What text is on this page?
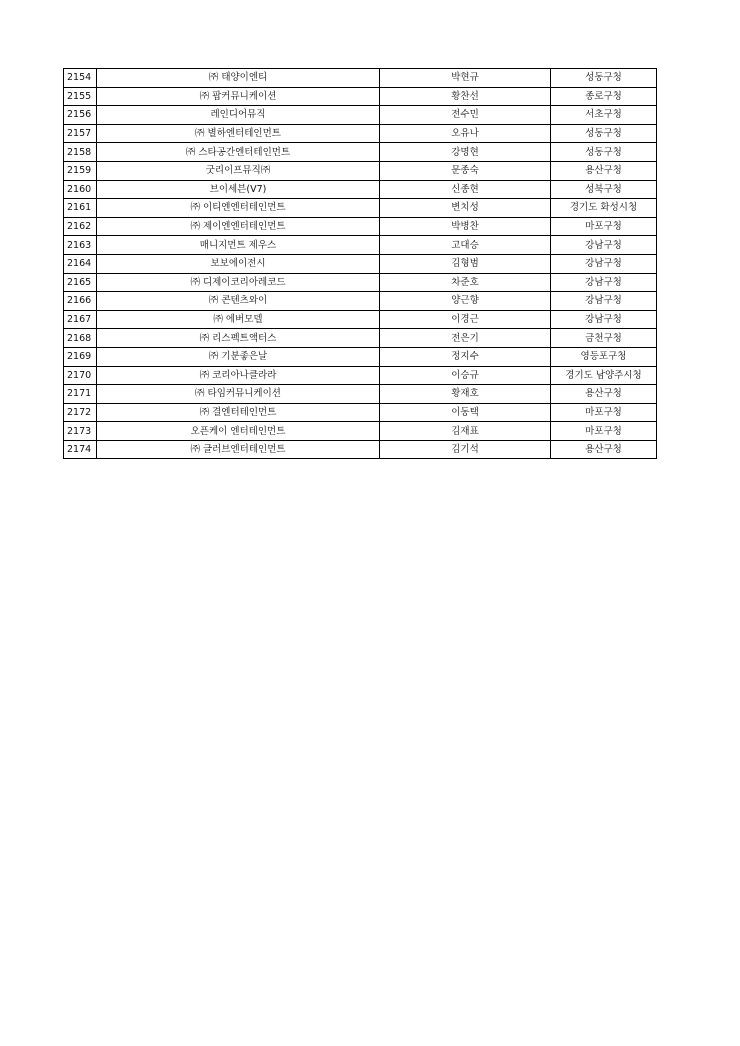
2154	㈜ 태양이엔티	박현규	성동구청
2155	㈜ 팝커뮤니케이션	황찬선	종로구청
2156	레인디어뮤직	전수민	서초구청
2157	㈜ 별하엔터테인먼트	오유나	성동구청
2158	㈜ 스타공간엔터테인먼트	강명현	성동구청
2159	굿리이프뮤직㈜	문종숙	용산구청
2160	브이세븐(V7)	신종현	성북구청
2161	㈜ 이티엔엔터테인먼트	변치성	경기도 화성시청
2162	㈜ 제이엔엔터테인먼트	박병찬	마포구청
2163	매니지먼트 제우스	고대승	강남구청
2164	보보에이전시	김형범	강남구청
2165	㈜ 디제이코리아레코드	차준호	강남구청
2166	㈜ 콘텐츠와이	양근향	강남구청
2167	㈜ 에버모델	이경근	강남구청
2168	㈜ 리스펙트액터스	전은기	금천구청
2169	㈜ 기분좋은날	정지수	영등포구청
2170	㈜ 코리아나클라라	이승규	경기도 남양주시청
2171	㈜ 타임커뮤니케이션	황재호	용산구청
2172	㈜ 결엔터테인먼트	이동택	마포구청
2173	오픈케이 엔터테인먼트	김재표	마포구청
2174	㈜ 글러브엔터테인먼트	김기석	용산구청
